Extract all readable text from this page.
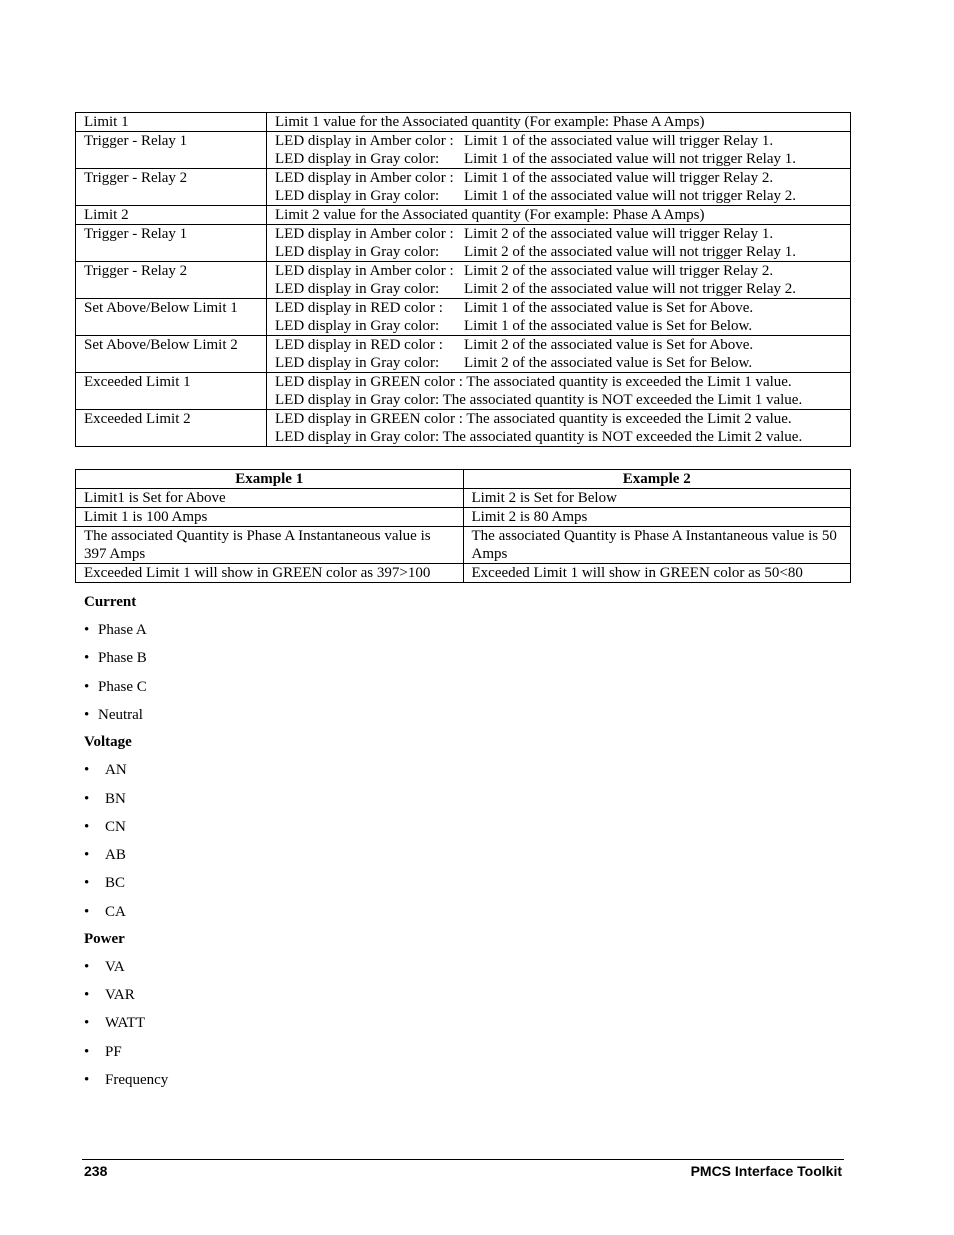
Limit 1	Limit 1 value for the Associated quantity (For example: Phase A Amps)

Trigger - Relay 1	LED display in Amber color : Limit 1 of the associated value will trigger Relay 1.
LED display in Gray color: Limit 1 of the associated value will not trigger Relay 1.

Trigger - Relay 2	LED display in Amber color : Limit 1 of the associated value will trigger Relay 2.
LED display in Gray color: Limit 1 of the associated value will not trigger Relay 2.

Limit 2	Limit 2 value for the Associated quantity (For example: Phase A Amps)

Trigger - Relay 1	LED display in Amber color : Limit 2 of the associated value will trigger Relay 1.
LED display in Gray color: Limit 2 of the associated value will not trigger Relay 1.

Trigger - Relay 2	LED display in Amber color : Limit 2 of the associated value will trigger Relay 2.
LED display in Gray color: Limit 2 of the associated value will not trigger Relay 2.

Set Above/Below Limit 1	LED display in RED color : Limit 1 of the associated value is Set for Above.
LED display in Gray color: Limit 1 of the associated value is Set for Below.

Set Above/Below Limit 2	LED display in RED color : Limit 2 of the associated value is Set for Above.
LED display in Gray color: Limit 2 of the associated value is Set for Below.

Exceeded Limit 1	LED display in GREEN color : The associated quantity is exceeded the Limit 1 value.
LED display in Gray color: The associated quantity is NOT exceeded the Limit 1 value.

Exceeded Limit 2	LED display in GREEN color : The associated quantity is exceeded the Limit 2 value.
LED display in Gray color: The associated quantity is NOT exceeded the Limit 2 value.
Example 1	Example 2
Limit1 is Set for Above	Limit 2 is Set for Below
Limit 1 is 100 Amps	Limit 2 is 80 Amps
The associated Quantity is Phase A Instantaneous value is 397 Amps	The associated Quantity is Phase A Instantaneous value is 50 Amps
Exceeded Limit 1 will show in GREEN color as 397>100	Exceeded Limit 1 will show in GREEN color as 50<80
Current
• Phase A
• Phase B
• Phase C
• Neutral
Voltage
• AN
• BN
• CN
• AB
• BC
• CA
Power
• VA
• VAR
• WATT
• PF
• Frequency
238	PMCS Interface Toolkit
